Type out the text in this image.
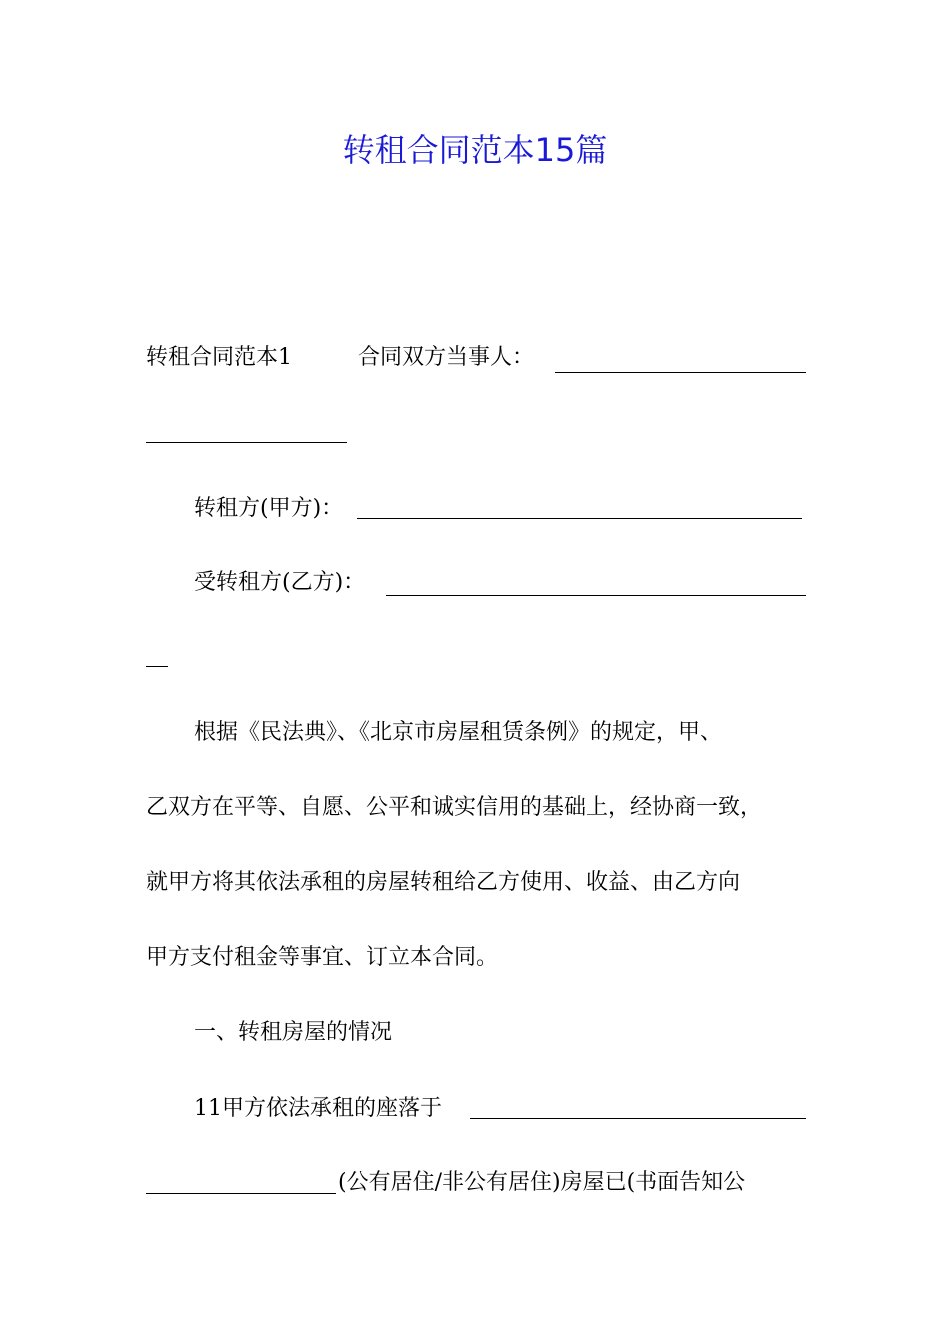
转租合同范本15篇
转租合同范本1	合同双方当事人：
转租方(甲方)：
受转租方(乙方)：
根据《民法典》、《北京市房屋租赁条例》的规定，甲、
乙双方在平等、自愿、公平和诚实信用的基础上，经协商一致，
就甲方将其依法承租的房屋转租给乙方使用、收益、由乙方向
甲方支付租金等事宜、订立本合同。
一、转租房屋的情况
11甲方依法承租的座落于
(公有居住/非公有居住)房屋已(书面告知公
